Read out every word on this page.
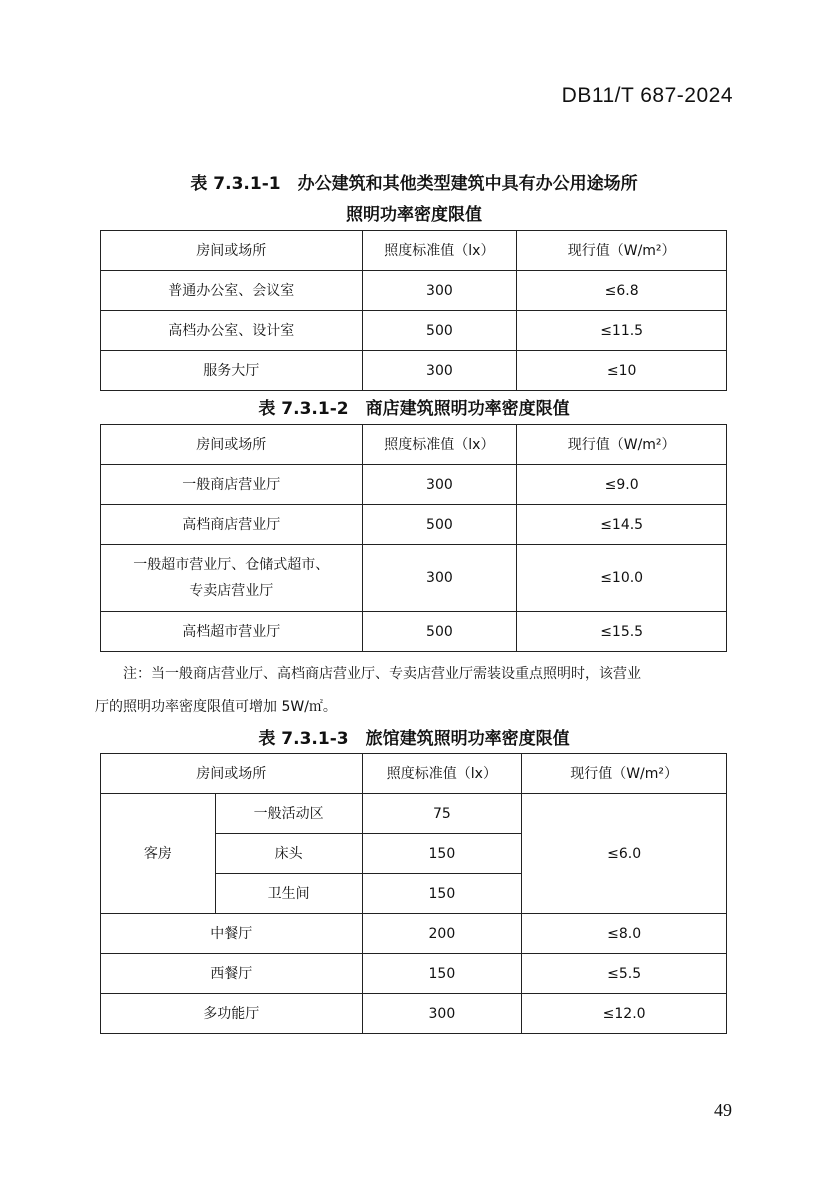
DB11/T 687-2024
表 7.3.1-1　办公建筑和其他类型建筑中具有办公用途场所
照明功率密度限值
房间或场所	照度标准值（lx）	现行值（W/m²）
普通办公室、会议室	300	≤6.8
高档办公室、设计室	500	≤11.5
服务大厅	300	≤10
表 7.3.1-2　商店建筑照明功率密度限值
房间或场所	照度标准值（lx）	现行值（W/m²）
一般商店营业厅	300	≤9.0
高档商店营业厅	500	≤14.5

一般超市营业厅、仓储式超市、
专卖店营业厅	300	≤10.0
高档超市营业厅	500	≤15.5
注：当一般商店营业厅、高档商店营业厅、专卖店营业厅需装设重点照明时，该营业
厅的照明功率密度限值可增加 5W/㎡。
表 7.3.1-3　旅馆建筑照明功率密度限值
房间或场所		照度标准值（lx）	现行值（W/m²）
客房	一般活动区	75	≤6.0
	床头	150	
	卫生间	150	
中餐厅		200	≤8.0
西餐厅		150	≤5.5
多功能厅		300	≤12.0
49
